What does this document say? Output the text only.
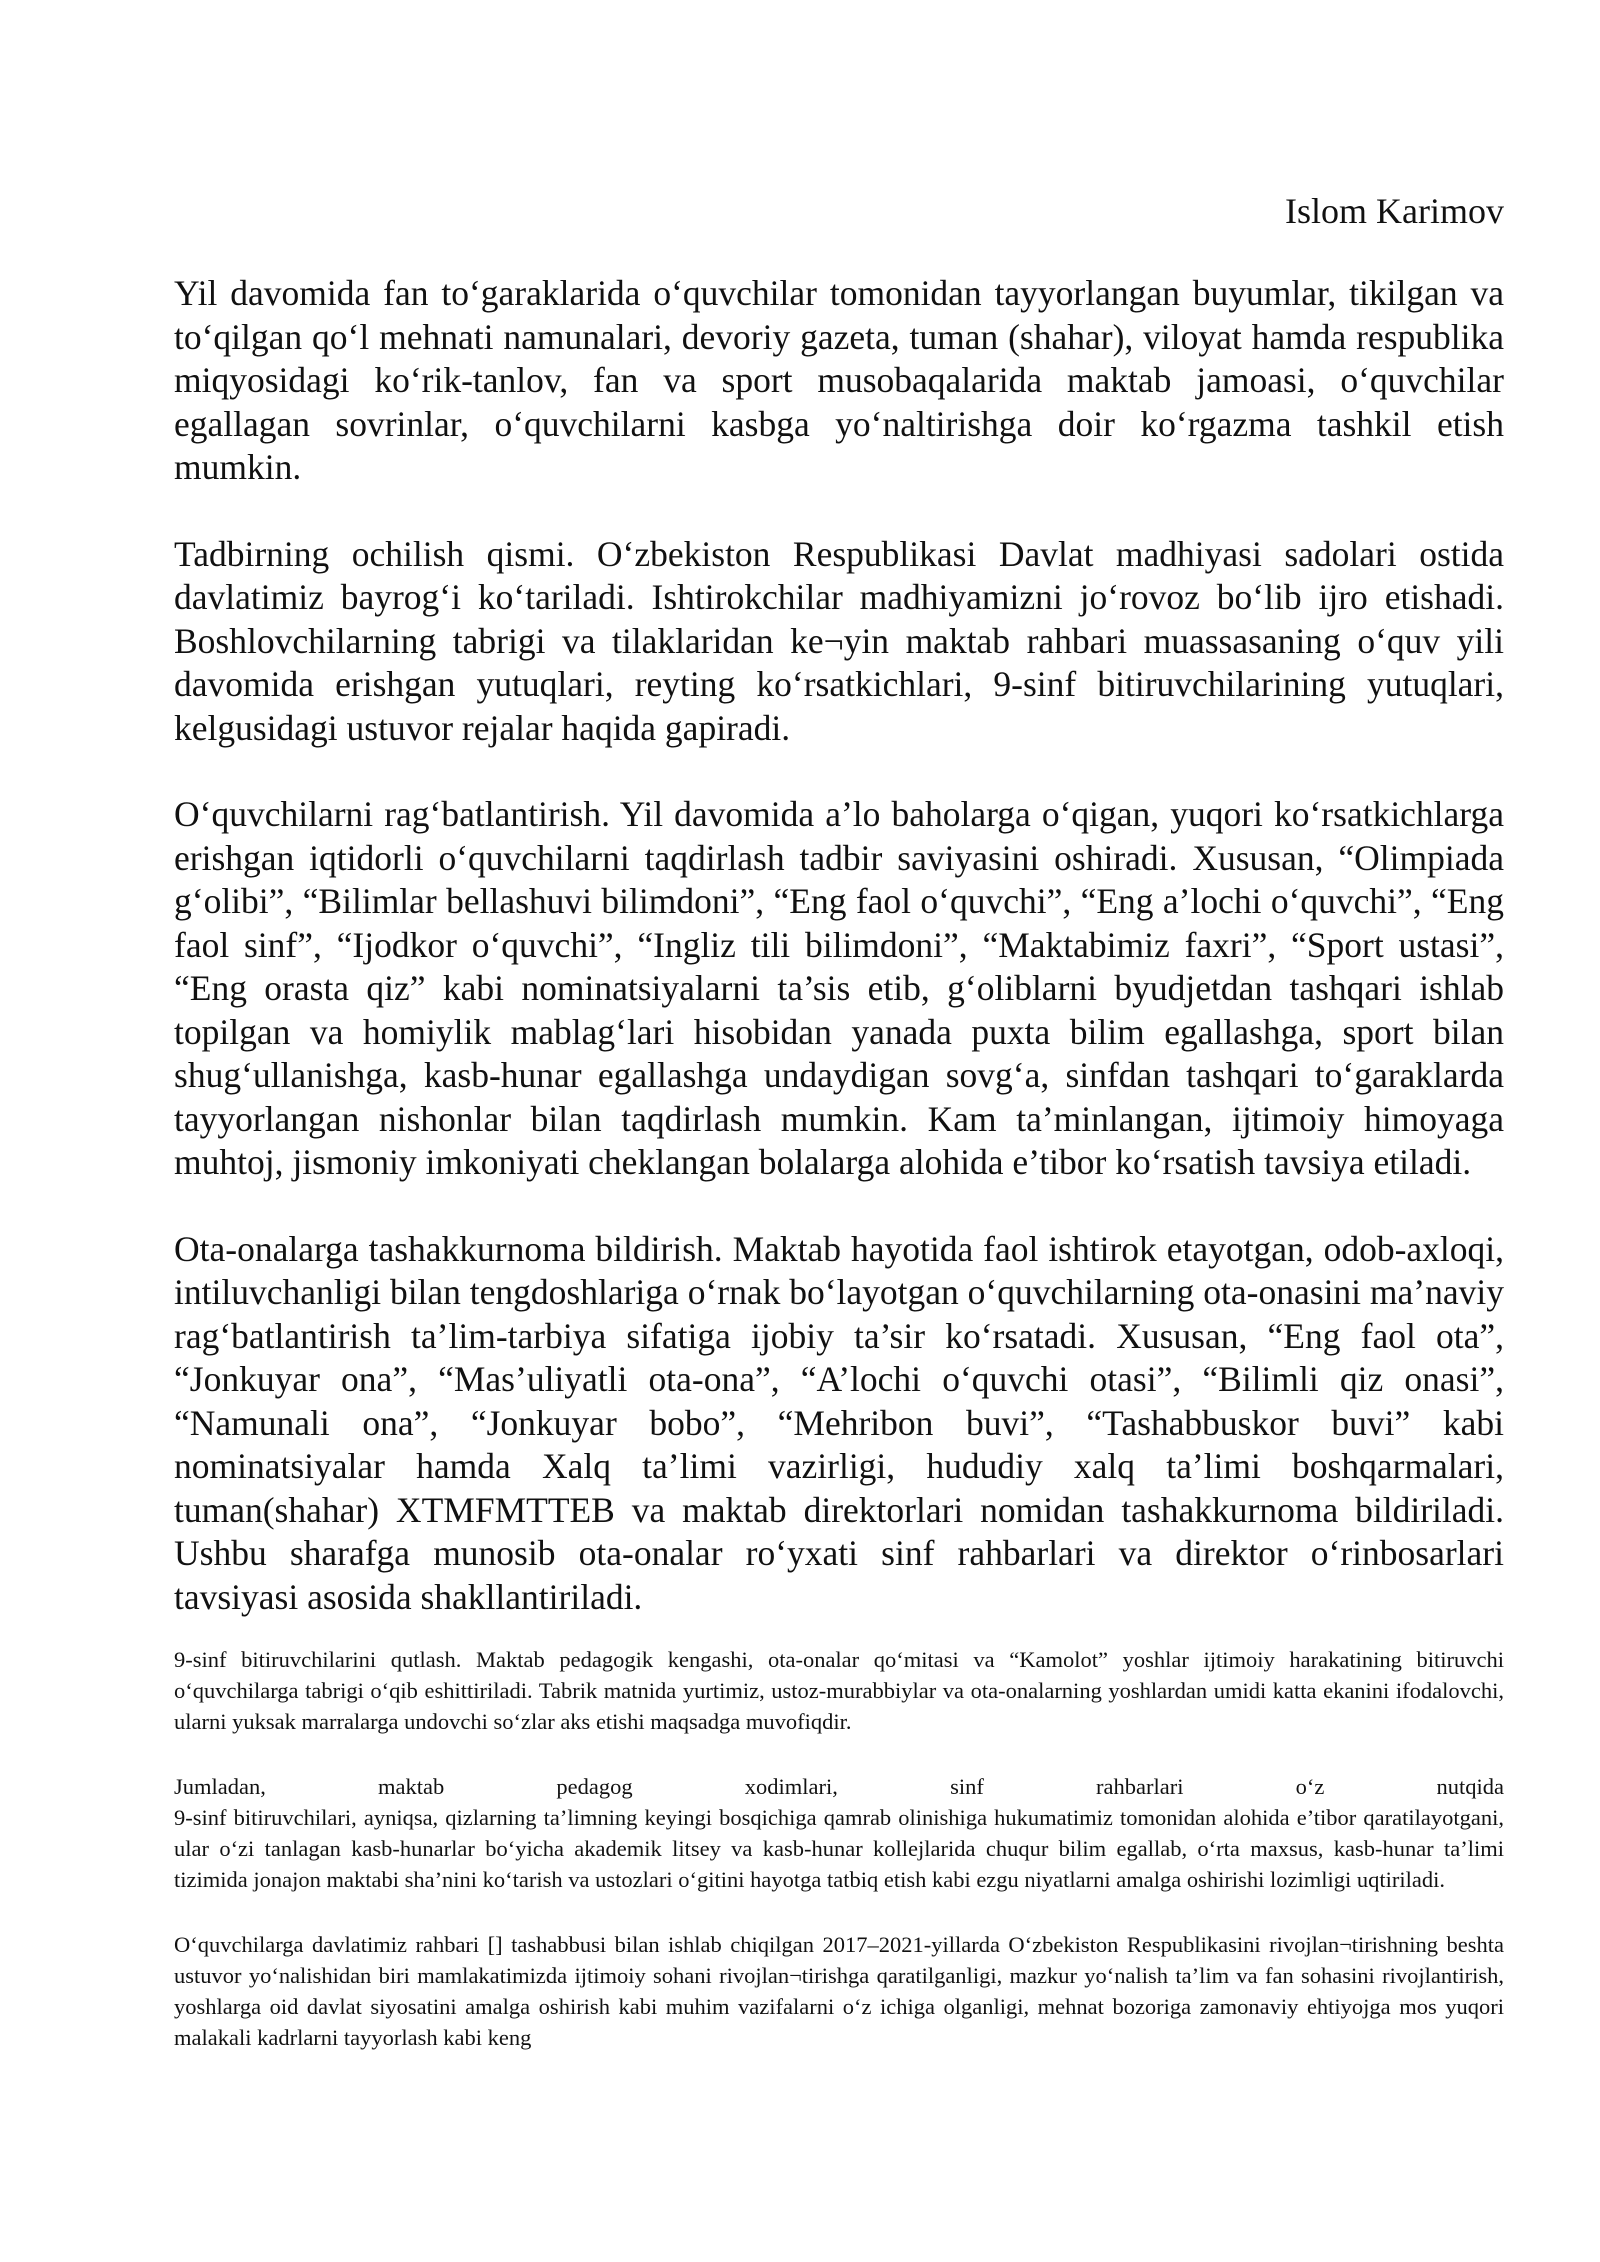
Islom Karimov

Yil davomida fan to‘garaklarida o‘quvchilar tomonidan tayyorlangan buyumlar, tikilgan va to‘qilgan qo‘l mehnati namunalari, devoriy gazeta, tuman (shahar), viloyat hamda respublika miqyosidagi ko‘rik-tanlov, fan va sport musobaqalarida maktab jamoasi, o‘quvchilar egallagan sovrinlar, o‘quvchilarni kasbga yo‘naltirishga doir ko‘rgazma tashkil etish mumkin.

Tadbirning ochilish qismi. O‘zbekiston Respublikasi Davlat madhiyasi sadolari ostida davlatimiz bayrog‘i ko‘tariladi. Ishtirokchilar madhiyamizni jo‘rovoz bo‘lib ijro etishadi. Boshlovchilarning tabrigi va tilaklaridan ke¬yin maktab rahbari muassasaning o‘quv yili davomida erishgan yutuqlari, reyting ko‘rsatkichlari, 9-sinf bitiruvchilarining yutuqlari, kelgusidagi ustuvor rejalar haqida gapiradi.

O‘quvchilarni rag‘batlantirish. Yil davomida a’lo baholarga o‘qigan, yuqori ko‘rsatkichlarga erishgan iqtidorli o‘quvchilarni taqdirlash tadbir saviyasini oshiradi. Xususan, “Olimpiada g‘olibi”, “Bilimlar bellashuvi bilimdoni”, “Eng faol o‘quvchi”, “Eng a’lochi o‘quvchi”, “Eng faol sinf”, “Ijodkor o‘quvchi”, “Ingliz tili bilimdoni”, “Maktabimiz faxri”, “Sport ustasi”, “Eng orasta qiz” kabi nominatsiyalarni ta’sis etib, g‘oliblarni byudjetdan tashqari ishlab topilgan va homiylik mablag‘lari hisobidan yanada puxta bilim egallashga, sport bilan shug‘ullanishga, kasb-hunar egallashga undaydigan sovg‘a, sinfdan tashqari to‘garaklarda tayyorlangan nishonlar bilan taqdirlash mumkin. Kam ta’minlangan, ijtimoiy himoyaga muhtoj, jismoniy imkoniyati cheklangan bolalarga alohida e’tibor ko‘rsatish tavsiya etiladi.

Ota-onalarga tashakkurnoma bildirish. Maktab hayotida faol ishtirok etayotgan, odob-axloqi, intiluvchanligi bilan tengdoshlariga o‘rnak bo‘layotgan o‘quvchilarning ota-onasini ma’naviy rag‘batlantirish ta’lim-tarbiya sifatiga ijobiy ta’sir ko‘rsatadi. Xususan, “Eng faol ota”, “Jonkuyar ona”, “Mas’uliyatli ota-ona”, “A’lochi o‘quvchi otasi”, “Bilimli qiz onasi”, “Namunali ona”, “Jonkuyar bobo”, “Mehribon buvi”, “Tashabbuskor buvi” kabi nominatsiyalar hamda Xalq ta’limi vazirligi, hududiy xalq ta’limi boshqarmalari, tuman(shahar) XTMFMTTEB va maktab direktorlari nomidan tashakkurnoma bildiriladi. Ushbu sharafga munosib ota-onalar ro‘yxati sinf rahbarlari va direktor o‘rinbosarlari tavsiyasi asosida shakllantiriladi.

9-sinf bitiruvchilarini qutlash. Maktab pedagogik kengashi, ota-onalar qo‘mitasi va “Kamolot” yoshlar ijtimoiy harakatining bitiruvchi o‘quvchilarga tabrigi o‘qib eshittiriladi. Tabrik matnida yurtimiz, ustoz-murabbiylar va ota-onalarning yoshlardan umidi katta ekanini ifodalovchi, ularni yuksak marralarga undovchi so‘zlar aks etishi maqsadga muvofiqdir.

Jumladan, maktab pedagog xodimlari, sinf rahbarlari o‘z nutqida
9-sinf bitiruvchilari, ayniqsa, qizlarning ta’limning keyingi bosqichiga qamrab olinishiga hukumatimiz tomonidan alohida e’tibor qaratilayotgani, ular o‘zi tanlagan kasb-hunarlar bo‘yicha akademik litsey va kasb-hunar kollejlarida chuqur bilim egallab, o‘rta maxsus, kasb-hunar ta’limi tizimida jonajon maktabi sha’nini ko‘tarish va ustozlari o‘gitini hayotga tatbiq etish kabi ezgu niyatlarni amalga oshirishi lozimligi uqtiriladi.

O‘quvchilarga davlatimiz rahbari [] tashabbusi bilan ishlab chiqilgan 2017–2021-yillarda O‘zbekiston Respublikasini rivojlan¬tirishning beshta ustuvor yo‘nalishidan biri mamlakatimizda ijtimoiy sohani rivojlan¬tirishga qaratilganligi, mazkur yo‘nalish ta’lim va fan sohasini rivojlantirish, yoshlarga oid davlat siyosatini amalga oshirish kabi muhim vazifalarni o‘z ichiga olganligi, mehnat bozoriga zamonaviy ehtiyojga mos yuqori malakali kadrlarni tayyorlash kabi keng
